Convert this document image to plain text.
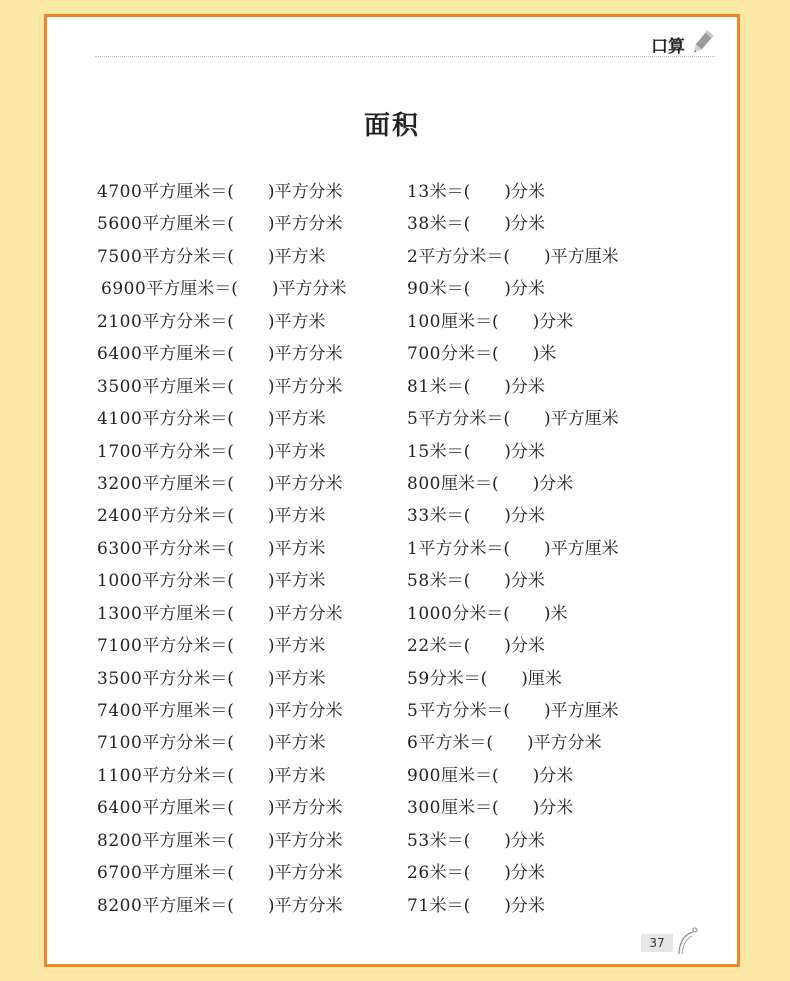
口算
面积
4700平方厘米＝( )平方分米	13米＝( )分米
5600平方厘米＝( )平方分米	38米＝( )分米
7500平方分米＝( )平方米	2平方分米＝( )平方厘米
6900平方厘米＝( )平方分米	90米＝( )分米
2100平方分米＝( )平方米	100厘米＝( )分米
6400平方厘米＝( )平方分米	700分米＝( )米
3500平方厘米＝( )平方分米	81米＝( )分米
4100平方分米＝( )平方米	5平方分米＝( )平方厘米
1700平方分米＝( )平方米	15米＝( )分米
3200平方厘米＝( )平方分米	800厘米＝( )分米
2400平方分米＝( )平方米	33米＝( )分米
6300平方分米＝( )平方米	1平方分米＝( )平方厘米
1000平方分米＝( )平方米	58米＝( )分米
1300平方厘米＝( )平方分米	1000分米＝( )米
7100平方分米＝( )平方米	22米＝( )分米
3500平方分米＝( )平方米	59分米＝( )厘米
7400平方厘米＝( )平方分米	5平方分米＝( )平方厘米
7100平方分米＝( )平方米	6平方米＝( )平方分米
1100平方分米＝( )平方米	900厘米＝( )分米
6400平方厘米＝( )平方分米	300厘米＝( )分米
8200平方厘米＝( )平方分米	53米＝( )分米
6700平方厘米＝( )平方分米	26米＝( )分米
8200平方厘米＝( )平方分米	71米＝( )分米
37
